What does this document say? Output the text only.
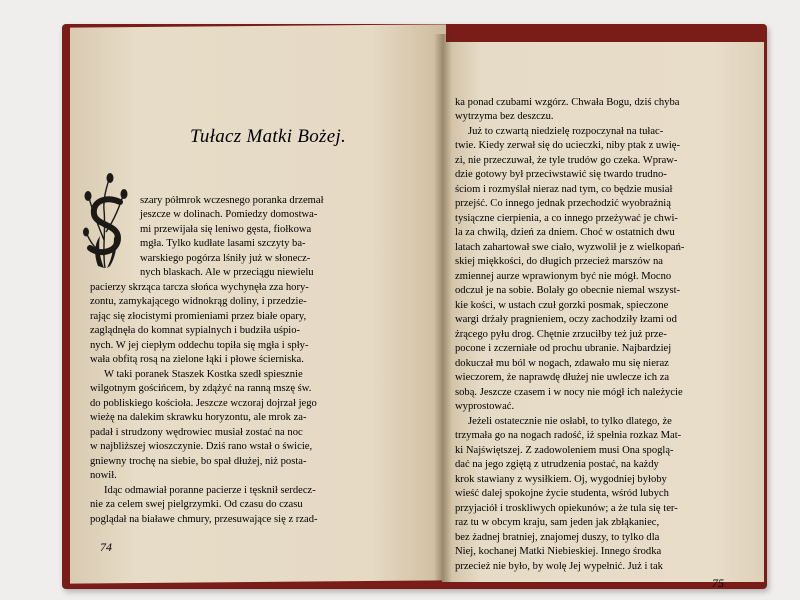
Tułacz Matki Bożej.
szary półmrok wczesnego poranka drzemał
jeszcze w dolinach. Pomiedzy domostwa-
mi przewijała się leniwo gęsta, fiołkowa
mgła. Tylko kudłate lasami szczyty ba-
warskiego pogórza lśniły już w słonecz-
nych blaskach. Ale w przeciągu niewielu
pacierzy skrząca tarcza słońca wychynęła zza hory-
zontu, zamykającego widnokrąg doliny, i przedzie-
rając się złocistymi promieniami przez białe opary,
zaglądnęła do komnat sypialnych i budziła uśpio-
nych. W jej ciepłym oddechu topiła się mgła i spły-
wała obfitą rosą na zielone łąki i płowe ścierniska.
W taki poranek Staszek Kostka szedł spiesznie
wilgotnym gościńcem, by zdążyć na ranną mszę św.
do pobliskiego kościoła. Jeszcze wczoraj dojrzał jego
wieżę na dalekim skrawku horyzontu, ale mrok za-
padał i strudzony wędrowiec musiał zostać na noc
w najbliższej wioszczynie. Dziś rano wstał o świcie,
gniewny trochę na siebie, bo spał dłużej, niż posta-
nowił.
Idąc odmawiał poranne pacierze i tęsknił serdecz-
nie za celem swej pielgrzymki. Od czasu do czasu
poglądał na białawe chmury, przesuwające się z rzad-
74
ka ponad czubami wzgórz. Chwała Bogu, dziś chyba
wytrzyma bez deszczu.
Już to czwartą niedzielę rozpoczynał na tułac-
twie. Kiedy zerwał się do ucieczki, niby ptak z uwię-
zi, nie przeczuwał, że tyle trudów go czeka. Wpraw-
dzie gotowy był przeciwstawić się twardo trudno-
ściom i rozmyślał nieraz nad tym, co będzie musiał
przejść. Co innego jednak przechodzić wyobraźnią
tysiączne cierpienia, a co innego przeżywać je chwi-
la za chwilą, dzień za dniem. Choć w ostatnich dwu
latach zahartował swe ciało, wyzwolił je z wielkopań-
skiej miękkości, do długich przecież marszów na
zmiennej aurze wprawionym być nie mógł. Mocno
odczuł je na sobie. Bolały go obecnie niemal wszyst-
kie kości, w ustach czuł gorzki posmak, spieczone
wargi drżały pragnieniem, oczy zachodziły łzami od
żrącego pyłu drog. Chętnie zrzuciłby też już prze-
pocone i zczerniałe od prochu ubranie. Najbardziej
dokuczał mu ból w nogach, zdawało mu się nieraz
wieczorem, że naprawdę dłużej nie uwlecze ich za
sobą. Jeszcze czasem i w nocy nie mógł ich należycie
wyprostować.
Jeżeli ostatecznie nie osłabł, to tylko dlatego, że
trzymała go na nogach radość, iż spełnia rozkaz Mat-
ki Najświętszej. Z zadowoleniem musi Ona spoglą-
dać na jego zgiętą z utrudzenia postać, na każdy
krok stawiany z wysiłkiem. Oj, wygodniej byłoby
wieść dalej spokojne życie studenta, wśród lubych
przyjaciół i troskliwych opiekunów; a że tula się ter-
raz tu w obcym kraju, sam jeden jak zbłąkaniec,
bez żadnej bratniej, znajomej duszy, to tylko dla
Niej, kochanej Matki Niebieskiej. Innego środka
przecież nie było, by wolę Jej wypełnić. Już i tak
75
